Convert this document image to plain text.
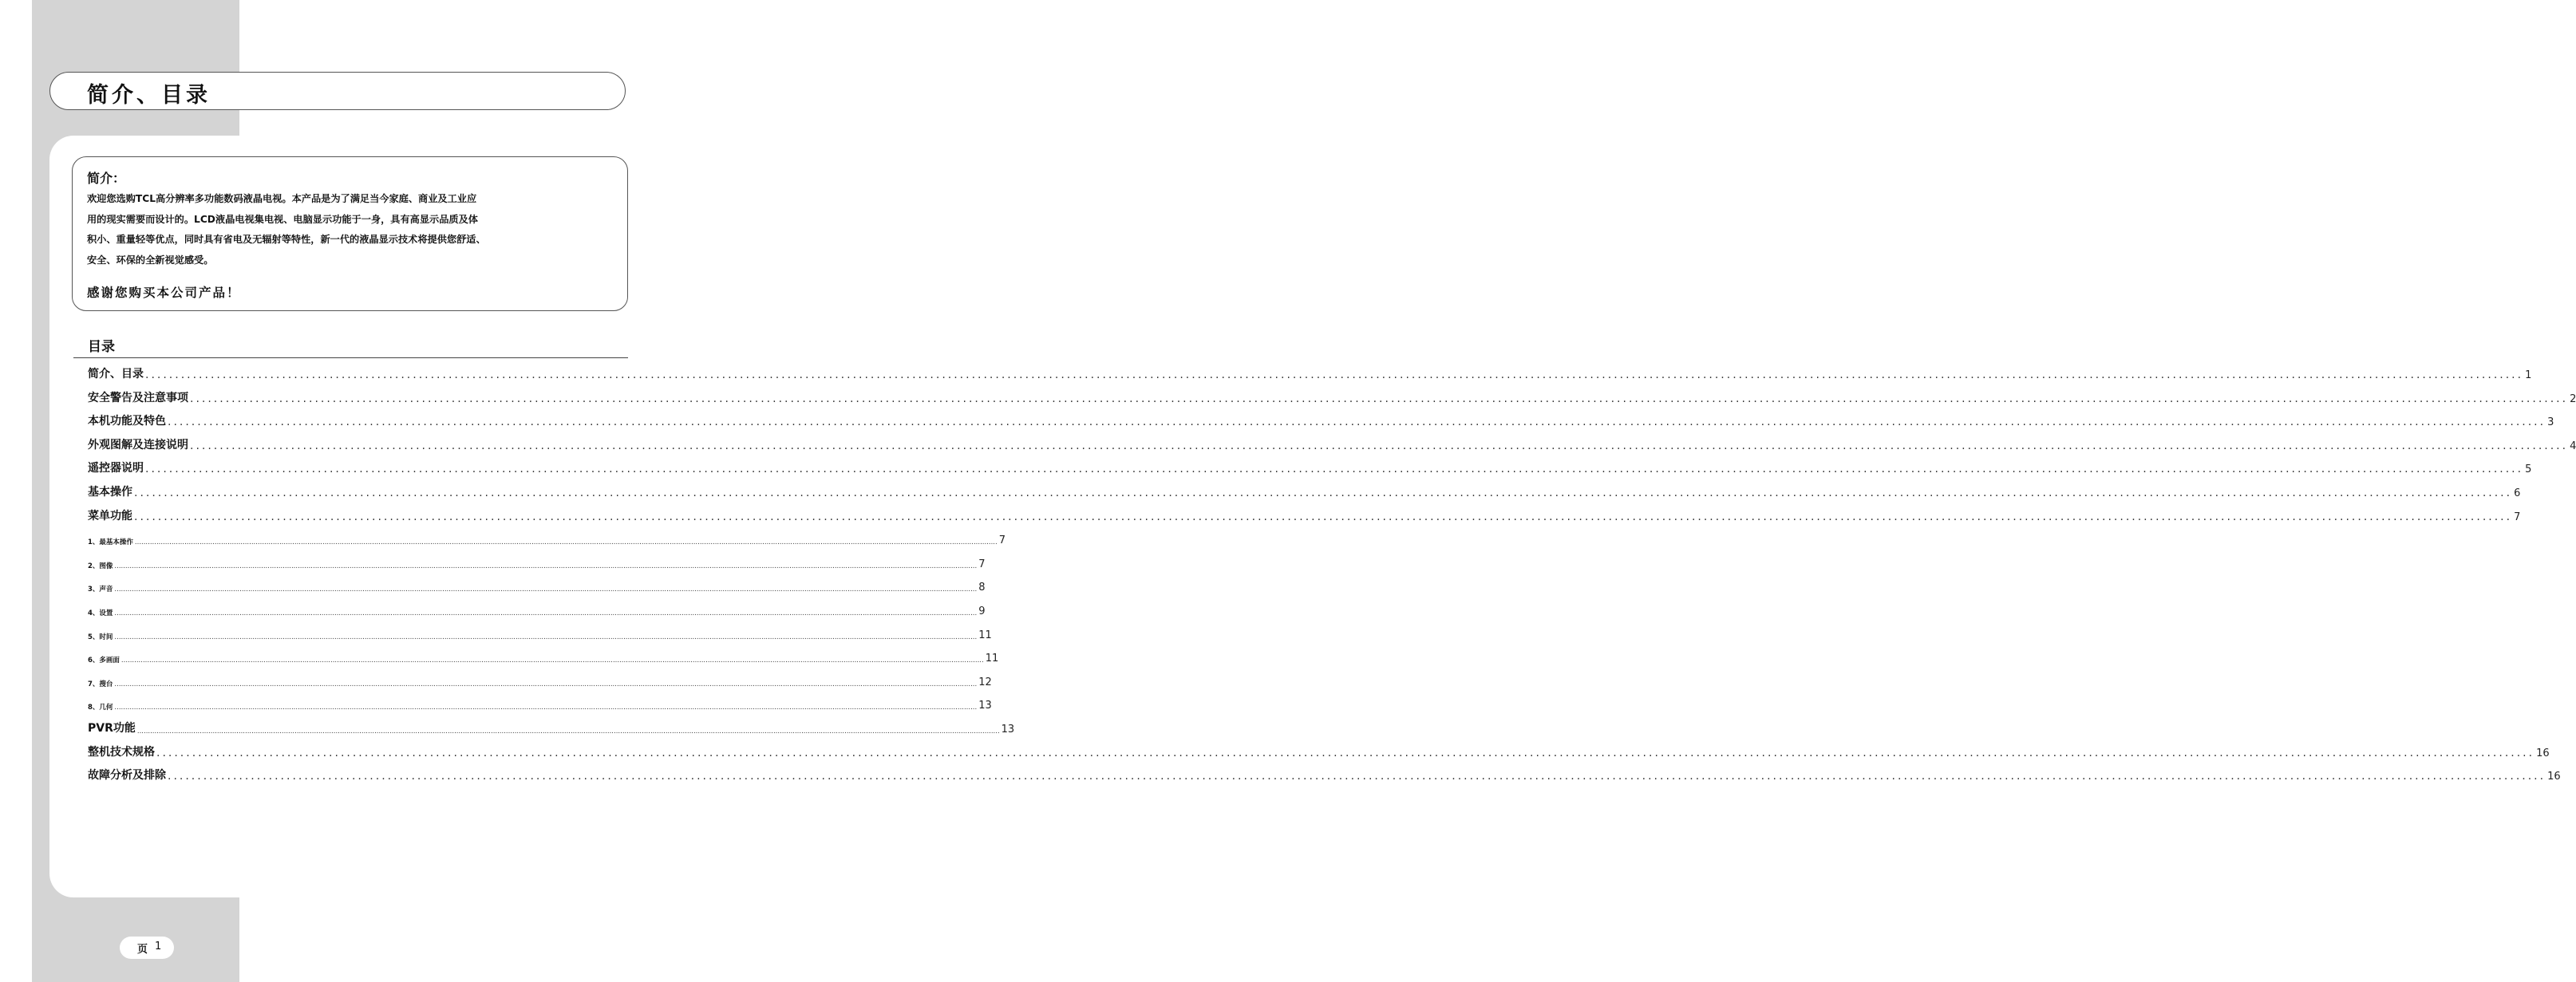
简介、目录
简介：
欢迎您选购TCL高分辨率多功能数码液晶电视。本产品是为了满足当今家庭、商业及工业应
用的现实需要而设计的。LCD液晶电视集电视、电脑显示功能于一身，具有高显示品质及体
积小、重量轻等优点，同时具有省电及无辐射等特性，新一代的液晶显示技术将提供您舒适、
安全、环保的全新视觉感受。
感谢您购买本公司产品！
目录
简介、目录 ................................................................................................................................................................................................................................................................................................................................................................................................................ 1
安全警告及注意事项 ................................................................................................................................................................................................................................................................................................................................................................................................................ 2
本机功能及特色 ................................................................................................................................................................................................................................................................................................................................................................................................................ 3
外观图解及连接说明 ................................................................................................................................................................................................................................................................................................................................................................................................................ 4
遥控器说明 ................................................................................................................................................................................................................................................................................................................................................................................................................ 5
基本操作 ................................................................................................................................................................................................................................................................................................................................................................................................................ 6
菜单功能 ................................................................................................................................................................................................................................................................................................................................................................................................................ 7
1、最基本操作 ................................................................................................................................................................................................................................................................................................................................................................................................................ 7
2、图像 ................................................................................................................................................................................................................................................................................................................................................................................................................ 7
3、声音 ................................................................................................................................................................................................................................................................................................................................................................................................................ 8
4、设置 ................................................................................................................................................................................................................................................................................................................................................................................................................ 9
5、时间 ................................................................................................................................................................................................................................................................................................................................................................................................................ 11
6、多画面 ................................................................................................................................................................................................................................................................................................................................................................................................................ 11
7、搜台 ................................................................................................................................................................................................................................................................................................................................................................................................................ 12
8、几何 ................................................................................................................................................................................................................................................................................................................................................................................................................ 13
PVR功能 ................................................................................................................................................................................................................................................................................................................................................................................................................ 13
整机技术规格 ................................................................................................................................................................................................................................................................................................................................................................................................................ 16
故障分析及排除 ................................................................................................................................................................................................................................................................................................................................................................................................................ 16
页 1
